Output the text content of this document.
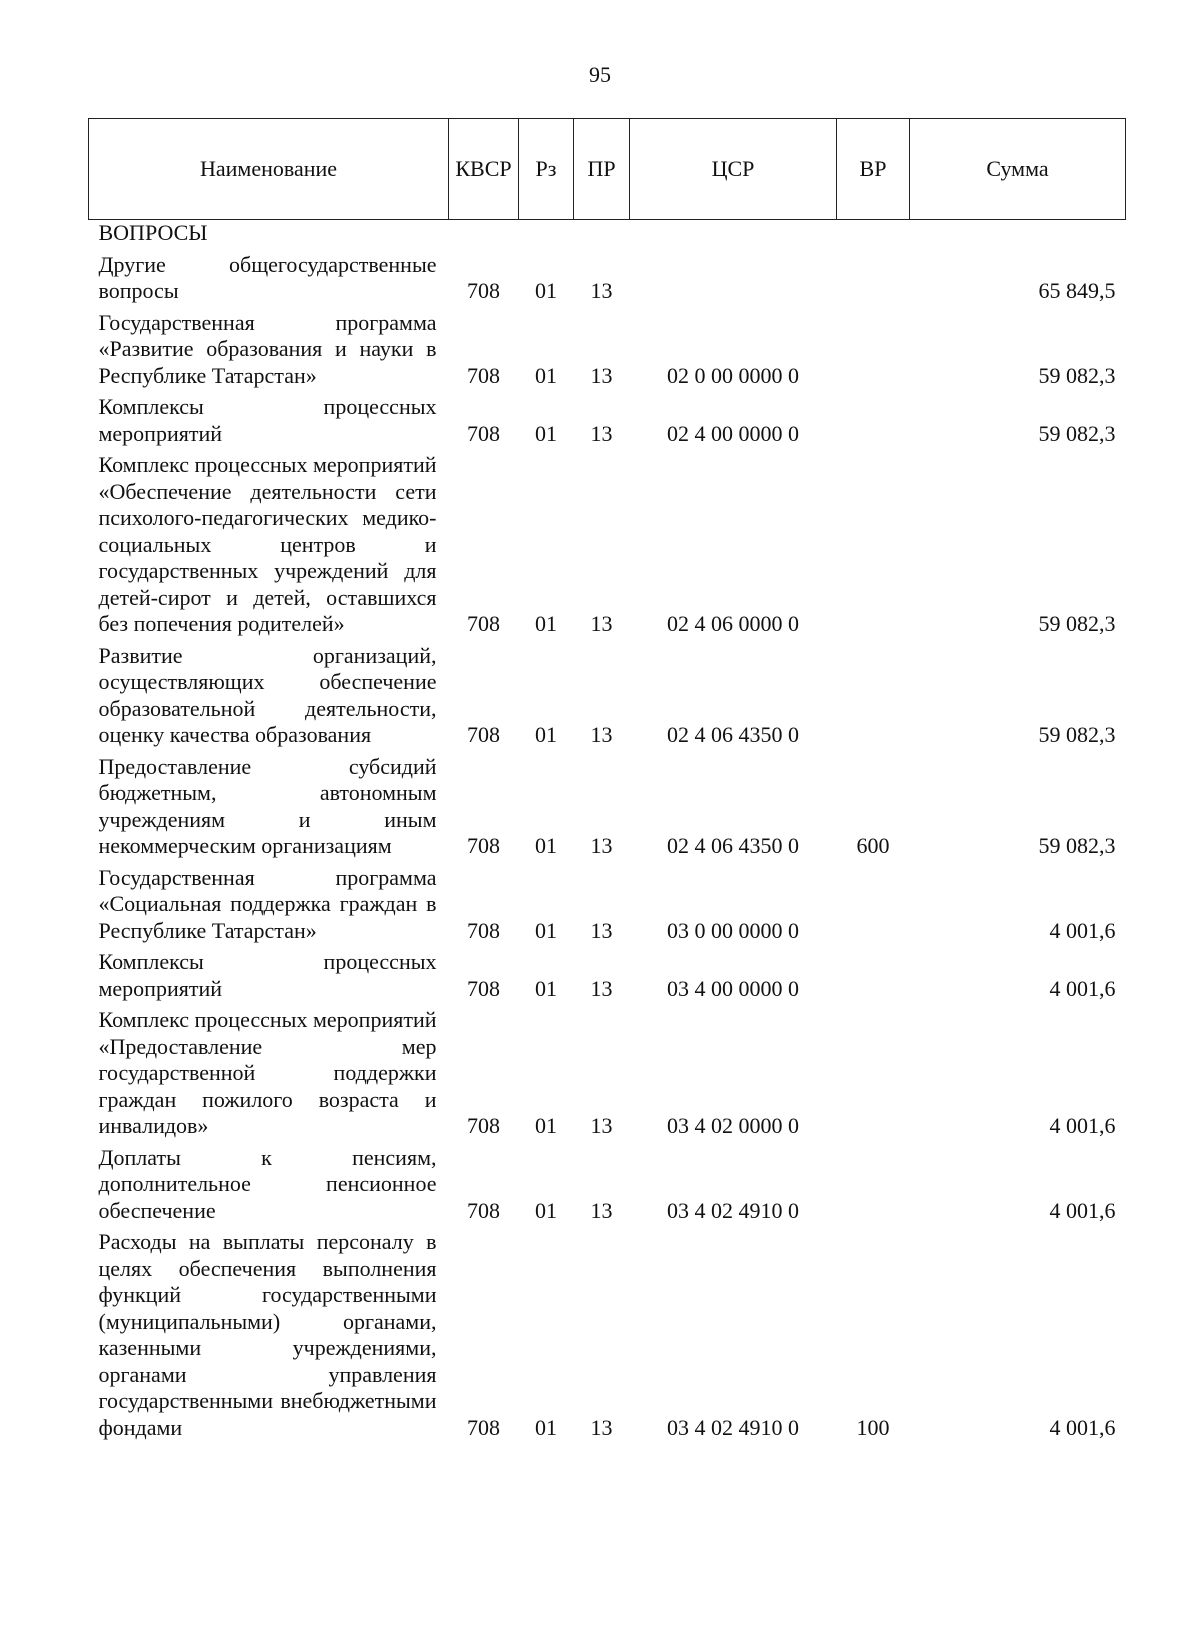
95
Наименование	КВСР	Рз	ПР	ЦСР	ВР	Сумма
ВОПРОСЫ						
Другие общегосударственные вопросы	708	01	13			65 849,5
Государственная программа «Развитие образования и науки в Республике Татарстан»	708	01	13	02 0 00 0000 0		59 082,3
Комплексы процессных мероприятий	708	01	13	02 4 00 0000 0		59 082,3
Комплекс процессных мероприятий «Обеспечение деятельности сети психолого-педагогических медико-социальных центров и государственных учреждений для детей-сирот и детей, оставшихся без попечения родителей»	708	01	13	02 4 06 0000 0		59 082,3
Развитие организаций, осуществляющих обеспечение образовательной деятельности, оценку качества образования	708	01	13	02 4 06 4350 0		59 082,3
Предоставление субсидий бюджетным, автономным учреждениям и иным некоммерческим организациям	708	01	13	02 4 06 4350 0	600	59 082,3
Государственная программа «Социальная поддержка граждан в Республике Татарстан»	708	01	13	03 0 00 0000 0		4 001,6
Комплексы процессных мероприятий	708	01	13	03 4 00 0000 0		4 001,6
Комплекс процессных мероприятий «Предоставление мер государственной поддержки граждан пожилого возраста и инвалидов»	708	01	13	03 4 02 0000 0		4 001,6
Доплаты к пенсиям, дополнительное пенсионное обеспечение	708	01	13	03 4 02 4910 0		4 001,6
Расходы на выплаты персоналу в целях обеспечения выполнения функций государственными (муниципальными) органами, казенными учреждениями, органами управления государственными внебюджетными фондами	708	01	13	03 4 02 4910 0	100	4 001,6
